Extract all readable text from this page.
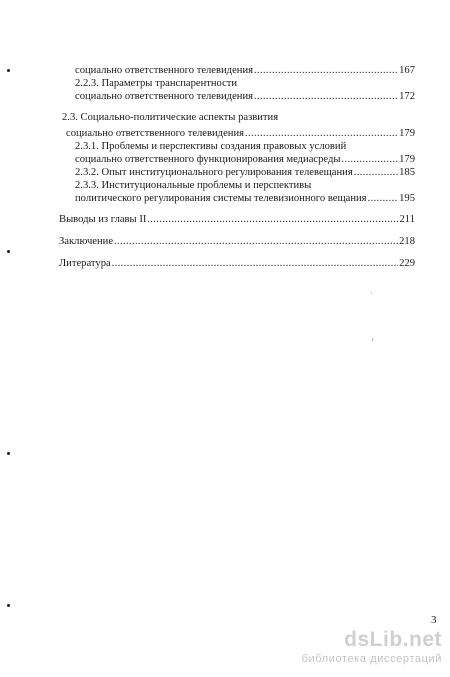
социально ответственного телевидения .....	167
2.2.3. Параметры транспарентности
социально ответственного телевидения .....	172
2.3. Социально-политические аспекты развития
социально ответственного телевидения .....	179
2.3.1. Проблемы и перспективы создания правовых условий
социально ответственного функционирования медиасреды .....	179
2.3.2. Опыт институционального регулирования телевещания .....	185
2.3.3. Институциональные проблемы и перспективы
политического регулирования системы телевизионного вещания .....	195
Выводы из главы II .....	211
Заключение .....	218
Литература .....	229
,
ι
3
dsLib.net
библиотека диссертаций
